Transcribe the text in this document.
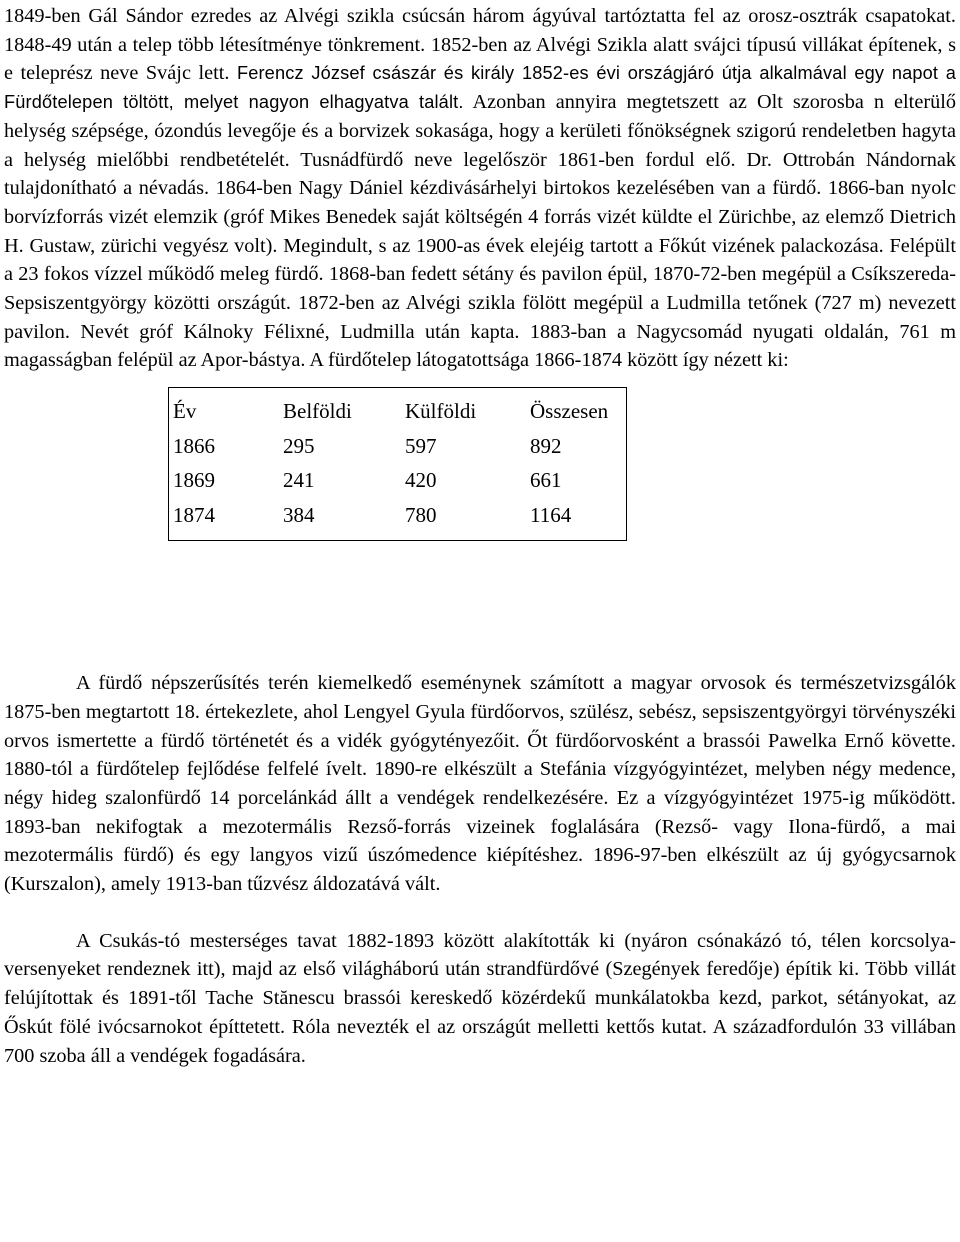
1849-ben Gál Sándor ezredes az Alvégi szikla csúcsán három ágyúval tartóztatta fel az orosz-osztrák csapatokat. 1848-49 után a telep több létesítménye tönkrement. 1852-ben az Alvégi Szikla alatt svájci típusú villákat építenek, s e teleprész neve Svájc lett. Ferencz József császár és király 1852-es évi országjáró útja alkalmával egy napot a Fürdőtelepen töltött, melyet nagyon elhagyatva talált. Azonban annyira megtetszett az Olt szorosba n elterülő helység szépsége, ózondús levegője és a borvizek sokasága, hogy a kerületi főnökségnek szigorú rendeletben hagyta a helység mielőbbi rendbetételét. Tusnádfürdő neve legelőször 1861-ben fordul elő. Dr. Ottrobán Nándornak tulajdonítható a névadás. 1864-ben Nagy Dániel kézdivásárhelyi birtokos kezelésében van a fürdő. 1866-ban nyolc borvízforrás vizét elemzik (gróf Mikes Benedek saját költségén 4 forrás vizét küldte el Zürichbe, az elemző Dietrich H. Gustaw, zürichi vegyész volt). Megindult, s az 1900-as évek elejéig tartott a Főkút vizének palackozása. Felépült a 23 fokos vízzel működő meleg fürdő. 1868-ban fedett sétány és pavilon épül, 1870-72-ben megépül a Csíkszereda-Sepsiszentgyörgy közötti országút. 1872-ben az Alvégi szikla fölött megépül a Ludmilla tetőnek (727 m) nevezett pavilon. Nevét gróf Kálnoky Félixné, Ludmilla után kapta. 1883-ban a Nagycsomád nyugati oldalán, 761 m magasságban felépül az Apor-bástya. A fürdőtelep látogatottsága 1866-1874 között így nézett ki:

Év	Belföldi	Külföldi	Összesen
1866	295	597	892
1869	241	420	661
1874	384	780	1164

A fürdő népszerűsítés terén kiemelkedő eseménynek számított a magyar orvosok és természetvizsgálók 1875-ben megtartott 18. értekezlete, ahol Lengyel Gyula fürdőorvos, szülész, sebész, sepsiszentgyörgyi törvényszéki orvos ismertette a fürdő történetét és a vidék gyógytényezőit. Őt fürdőorvosként a brassói Pawelka Ernő követte. 1880-tól a fürdőtelep fejlődése felfelé ívelt. 1890-re elkészült a Stefánia vízgyógyintézet, melyben négy medence, négy hideg szalonfürdő 14 porcelánkád állt a vendégek rendelkezésére. Ez a vízgyógyintézet 1975-ig működött. 1893-ban nekifogtak a mezotermális Rezső-forrás vizeinek foglalására (Rezső- vagy Ilona-fürdő, a mai mezotermális fürdő) és egy langyos vizű úszómedence kiépítéshez. 1896-97-ben elkészült az új gyógycsarnok (Kurszalon), amely 1913-ban tűzvész áldozatává vált.

A Csukás-tó mesterséges tavat 1882-1893 között alakították ki (nyáron csónakázó tó, télen korcsolya-versenyeket rendeznek itt), majd az első világháború után strandfürdővé (Szegények feredője) építik ki. Több villát felújítottak és 1891-től Tache Stănescu brassói kereskedő közérdekű munkálatokba kezd, parkot, sétányokat, az Őskút fölé ivócsarnokot építtetett. Róla nevezték el az országút melletti kettős kutat. A századfordulón 33 villában 700 szoba áll a vendégek fogadására.
